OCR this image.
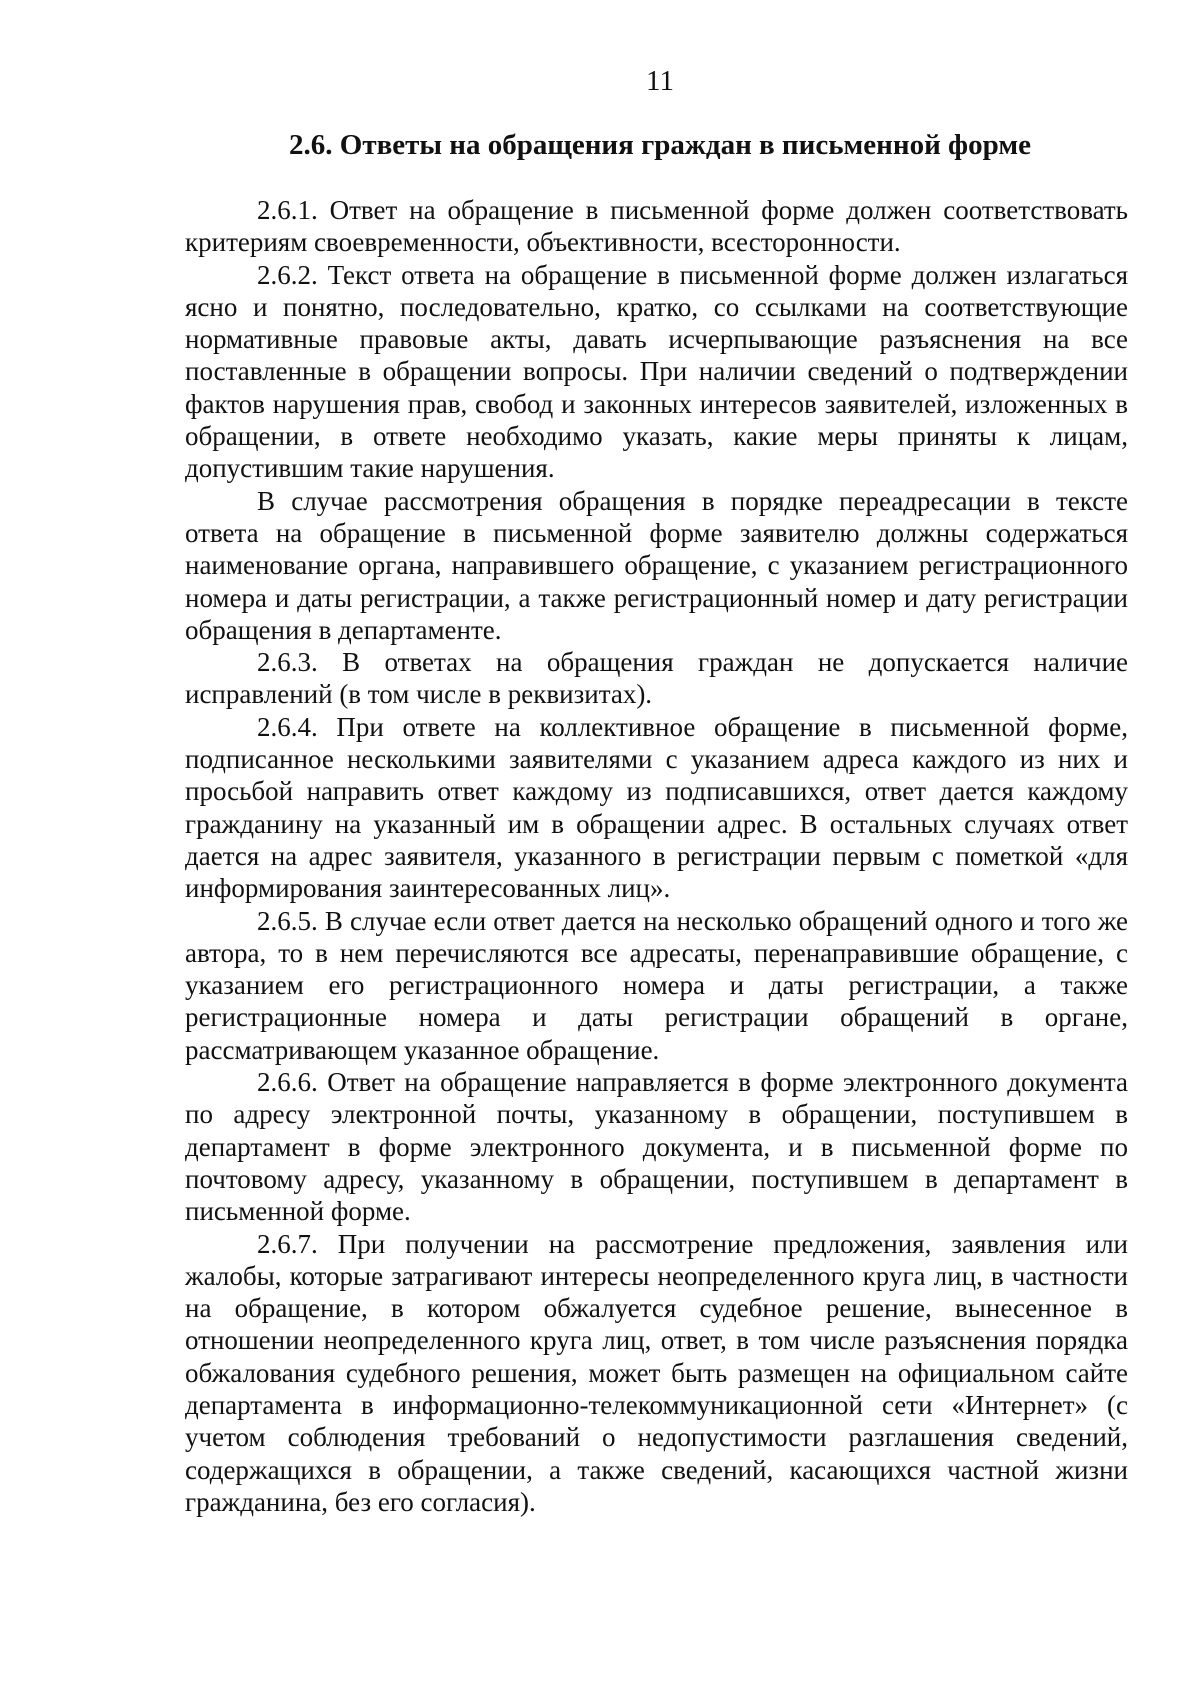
11
2.6. Ответы на обращения граждан в письменной форме

2.6.1. Ответ на обращение в письменной форме должен соответствовать критериям своевременности, объективности, всесторонности.

2.6.2. Текст ответа на обращение в письменной форме должен излагаться ясно и понятно, последовательно, кратко, со ссылками на соответствующие нормативные правовые акты, давать исчерпывающие разъяснения на все поставленные в обращении вопросы. При наличии сведений о подтверждении фактов нарушения прав, свобод и законных интересов заявителей, изложенных в обращении, в ответе необходимо указать, какие меры приняты к лицам, допустившим такие нарушения.

В случае рассмотрения обращения в порядке переадресации в тексте ответа на обращение в письменной форме заявителю должны содержаться наименование органа, направившего обращение, с указанием регистрационного номера и даты регистрации, а также регистрационный номер и дату регистрации обращения в департаменте.

2.6.3. В ответах на обращения граждан не допускается наличие исправлений (в том числе в реквизитах).

2.6.4. При ответе на коллективное обращение в письменной форме, подписанное несколькими заявителями с указанием адреса каждого из них и просьбой направить ответ каждому из подписавшихся, ответ дается каждому гражданину на указанный им в обращении адрес. В остальных случаях ответ дается на адрес заявителя, указанного в регистрации первым с пометкой «для информирования заинтересованных лиц».

2.6.5. В случае если ответ дается на несколько обращений одного и того же автора, то в нем перечисляются все адресаты, перенаправившие обращение, с указанием его регистрационного номера и даты регистрации, а также регистрационные номера и даты регистрации обращений в органе, рассматривающем указанное обращение.

2.6.6. Ответ на обращение направляется в форме электронного документа по адресу электронной почты, указанному в обращении, поступившем в департамент в форме электронного документа, и в письменной форме по почтовому адресу, указанному в обращении, поступившем в департамент в письменной форме.

2.6.7. При получении на рассмотрение предложения, заявления или жалобы, которые затрагивают интересы неопределенного круга лиц, в частности на обращение, в котором обжалуется судебное решение, вынесенное в отношении неопределенного круга лиц, ответ, в том числе разъяснения порядка обжалования судебного решения, может быть размещен на официальном сайте департамента в информационно-телекоммуникационной сети «Интернет» (с учетом соблюдения требований о недопустимости разглашения сведений, содержащихся в обращении, а также сведений, касающихся частной жизни гражданина, без его согласия).
